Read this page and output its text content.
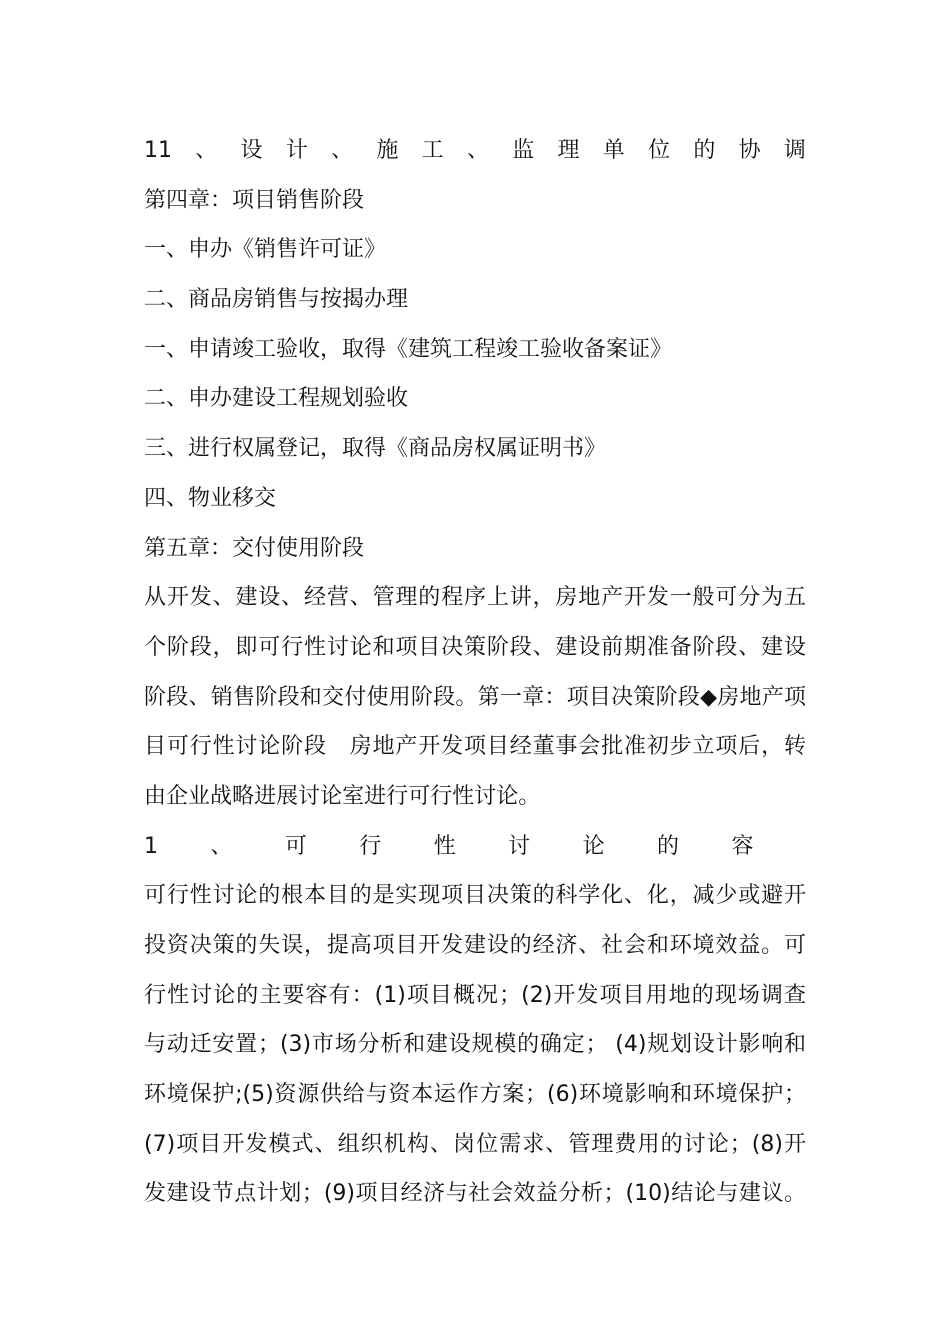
11 、 设 计 、 施 工 、 监 理 单 位 的 协 调
第四章：项目销售阶段
一、申办《销售许可证》
二、商品房销售与按揭办理
一、申请竣工验收，取得《建筑工程竣工验收备案证》
二、申办建设工程规划验收
三、进行权属登记，取得《商品房权属证明书》
四、物业移交
第五章：交付使用阶段
从开发、建设、经营、管理的程序上讲，房地产开发一般可分为五
个阶段，即可行性讨论和项目决策阶段、建设前期准备阶段、建设
阶段、销售阶段和交付使用阶段。第一章：项目决策阶段◆房地产项
目可行性讨论阶段　房地产开发项目经董事会批准初步立项后，转
由企业战略进展讨论室进行可行性讨论。
1 、 可 行 性 讨 论 的 容
可行性讨论的根本目的是实现项目决策的科学化、化，减少或避开
投资决策的失误，提高项目开发建设的经济、社会和环境效益。可
行性讨论的主要容有：(1)项目概况；(2)开发项目用地的现场调查
与动迁安置；(3)市场分析和建设规模的确定； (4)规划设计影响和
环境保护;(5)资源供给与资本运作方案；(6)环境影响和环境保护；
(7)项目开发模式、组织机构、岗位需求、管理费用的讨论；(8)开
发建设节点计划；(9)项目经济与社会效益分析；(10)结论与建议。
